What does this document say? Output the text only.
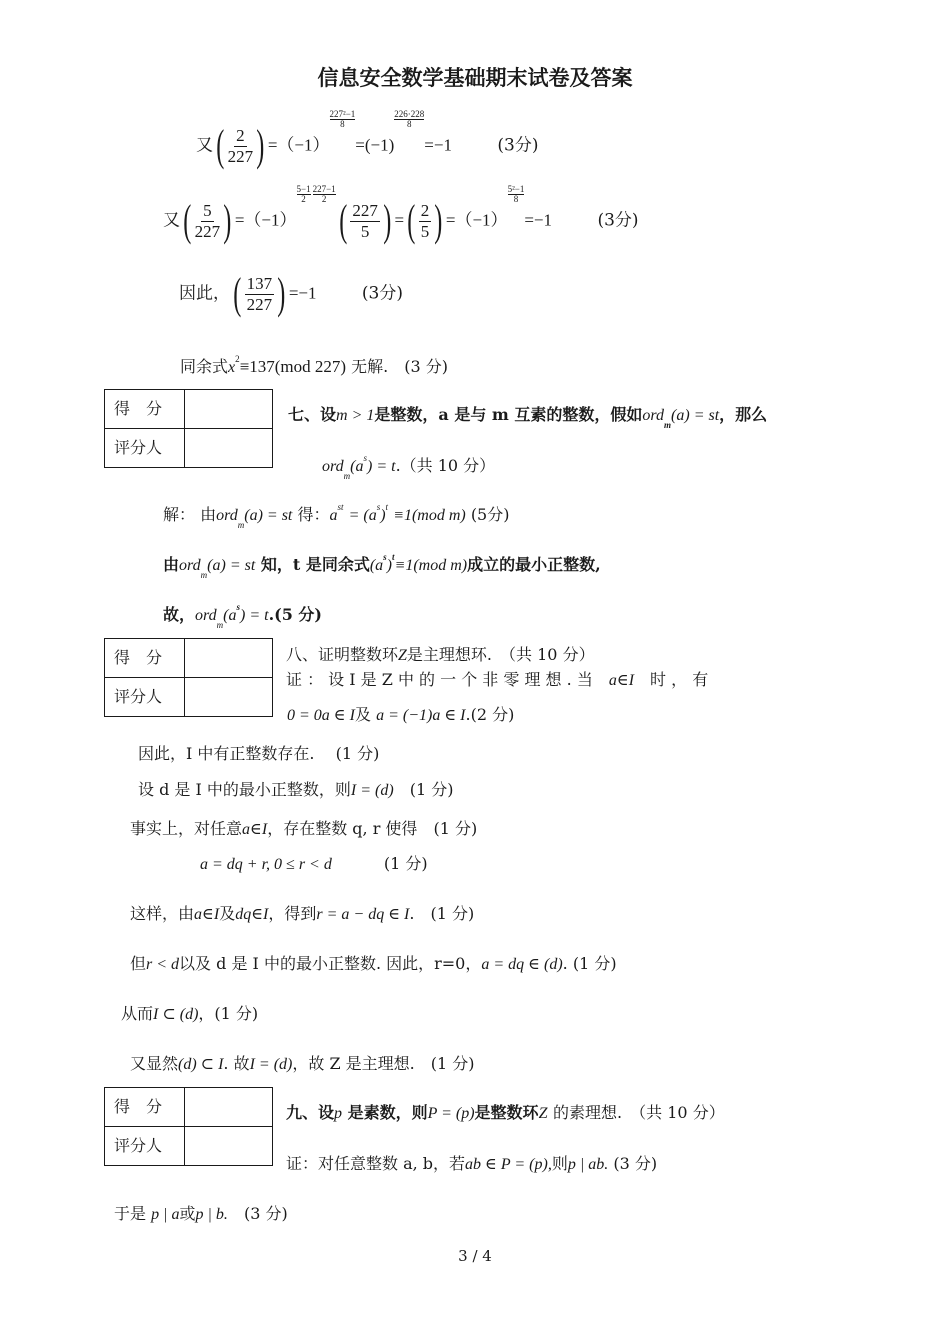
信息安全数学基础期末试卷及答案
又( $\frac{2}{227}$ ) =（−1）
$\frac{\text{227²−1}}{8}$
=(−1)
$\frac{226\cdot 228}{8}$
=−1	(3分)
又( $\frac{5}{227}$ ) =（−1）
$\frac{5-1}{2} \frac{227-1}{2}$
( $\frac{227}{5}$ ) =( $\frac{2}{5}$ ) =（−1）
$\frac{\text{5²−1}}{8}$
=−1	(3分)
因此，( $\frac{137}{227}$ ) =−1	(3分)
同余式$x^2\equiv 137(mod$ 227) 无解.　 (3 分)
得　分
评分人
七、设m > 1是整数，a 是与 m 互素的整数，假如ord$_m$(a) = st，那么
$ord_m(a^s) = t$.（共 10 分）
解： 由ord$_m$(a) = st 得：$a^{st} = (a^s)^t \equiv 1(mod$ m) (5分)
由ord$_m$(a) = st 知，t 是同余式$(a^s)^t\equiv 1(mod$ m)成立的最小正整数,
故，$ord_m(a^s) = t.(5$ 分)
得　分
评分人
八、证明整数环Z是主理想环.　 （共 10 分）
证 ： 设 I 是 Z 中 的 一 个 非 零 理 想 . 当　 a∈I　 时 ， 有
0 = 0a ∈ I及 a = (−1)a ∈ I.(2 分)
因此，I 中有正整数存在.　 (1 分)
设 d 是 I 中的最小正整数，则I = (d)　 (1 分)
事实上，对任意a∈I，存在整数 q, r 使得　 (1 分)
a = dq + r, 0 ≤ r < d	(1 分)
这样，由a∈I及dq∈I，得到r = a − dq ∈ I.　 (1 分)
但r < d以及 d 是 I 中的最小正整数. 因此，r=0，a = dq ∈ (d). (1 分)
从而I ⊂ (d)，(1 分)
又显然(d) ⊂ I. 故I = (d)，故 Z 是主理想.　 (1 分)
得　分
评分人
九、设p 是素数，则P = (p)是整数环Z 的素理想.　 （共 10 分）
证：对任意整数 a, b，若ab ∈ P = (p),则p | ab. (3 分)
于是 p | a或p | b.　 (3 分)
3 / 4
